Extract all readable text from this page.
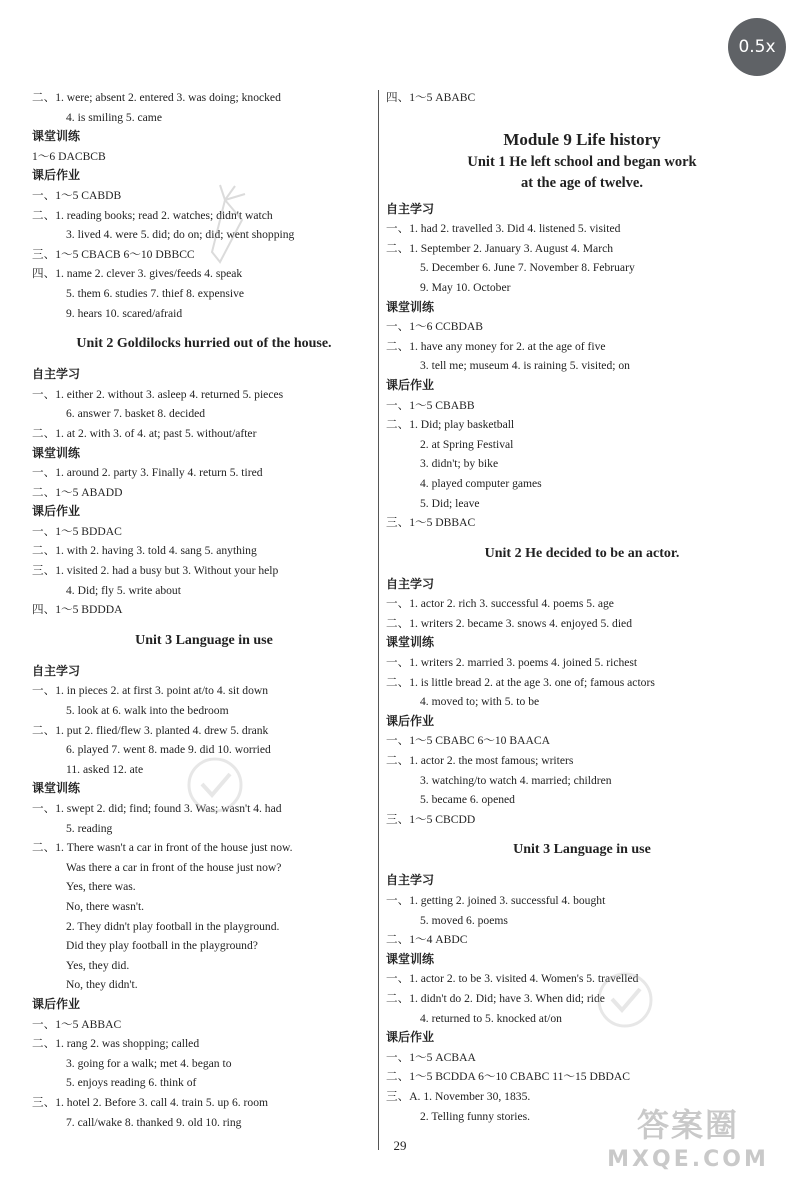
二、1. were; absent 2. entered 3. was doing; knocked
4. is smiling 5. came
课堂训练
1～6 DACBCB
课后作业
一、1～5 CABDB
二、1. reading books; read 2. watches; didn't watch
3. lived 4. were 5. did; do on; did; went shopping
三、1～5 CBACB 6～10 DBBCC
四、1. name 2. clever 3. gives/feeds 4. speak
5. them 6. studies 7. thief 8. expensive
9. hears 10. scared/afraid
Unit 2 Goldilocks hurried out of the house.
自主学习
一、1. either 2. without 3. asleep 4. returned 5. pieces
6. answer 7. basket 8. decided
二、1. at 2. with 3. of 4. at; past 5. without/after
课堂训练
一、1. around 2. party 3. Finally 4. return 5. tired
二、1～5 ABADD
课后作业
一、1～5 BDDAC
二、1. with 2. having 3. told 4. sang 5. anything
三、1. visited 2. had a busy but 3. Without your help
4. Did; fly 5. write about
四、1～5 BDDDA
Unit 3 Language in use
自主学习
一、1. in pieces 2. at first 3. point at/to 4. sit down
5. look at 6. walk into the bedroom
二、1. put 2. flied/flew 3. planted 4. drew 5. drank
6. played 7. went 8. made 9. did 10. worried
11. asked 12. ate
课堂训练
一、1. swept 2. did; find; found 3. Was; wasn't 4. had
5. reading
二、1. There wasn't a car in front of the house just now.
Was there a car in front of the house just now?
Yes, there was.
No, there wasn't.
2. They didn't play football in the playground.
Did they play football in the playground?
Yes, they did.
No, they didn't.
课后作业
一、1～5 ABBAC
二、1. rang 2. was shopping; called
3. going for a walk; met 4. began to
5. enjoys reading 6. think of
三、1. hotel 2. Before 3. call 4. train 5. up 6. room
7. call/wake 8. thanked 9. old 10. ring
四、1～5 ABABC
Module 9 Life history
Unit 1 He left school and began work
at the age of twelve.
自主学习
一、1. had 2. travelled 3. Did 4. listened 5. visited
二、1. September 2. January 3. August 4. March
5. December 6. June 7. November 8. February
9. May 10. October
课堂训练
一、1～6 CCBDAB
二、1. have any money for 2. at the age of five
3. tell me; museum 4. is raining 5. visited; on
课后作业
一、1～5 CBABB
二、1. Did; play basketball
2. at Spring Festival
3. didn't; by bike
4. played computer games
5. Did; leave
三、1～5 DBBAC
Unit 2 He decided to be an actor.
自主学习
一、1. actor 2. rich 3. successful 4. poems 5. age
二、1. writers 2. became 3. snows 4. enjoyed 5. died
课堂训练
一、1. writers 2. married 3. poems 4. joined 5. richest
二、1. is little bread 2. at the age 3. one of; famous actors
4. moved to; with 5. to be
课后作业
一、1～5 CBABC 6～10 BAACA
二、1. actor 2. the most famous; writers
3. watching/to watch 4. married; children
5. became 6. opened
三、1～5 CBCDD
Unit 3 Language in use
自主学习
一、1. getting 2. joined 3. successful 4. bought
5. moved 6. poems
二、1～4 ABDC
课堂训练
一、1. actor 2. to be 3. visited 4. Women's 5. travelled
二、1. didn't do 2. Did; have 3. When did; ride
4. returned to 5. knocked at/on
课后作业
一、1～5 ACBAA
二、1～5 BCDDA 6～10 CBABC 11～15 DBDAC
三、A. 1. November 30, 1835.
2. Telling funny stories.
29
0.5x
答案圈
MXQE.COM
